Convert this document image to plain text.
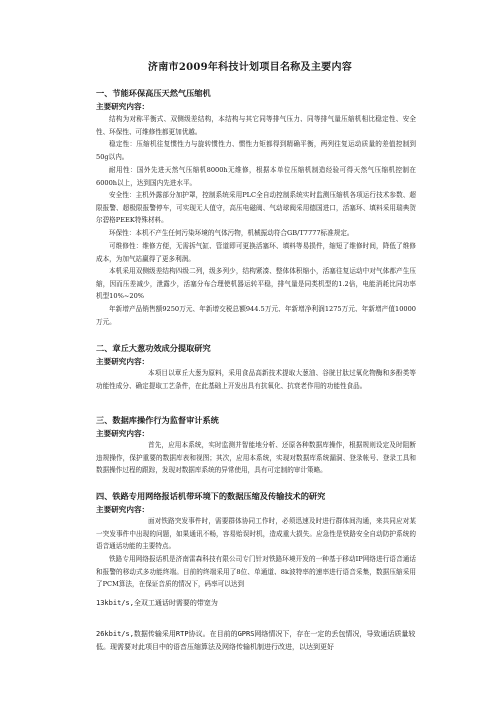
济南市2009年科技计划项目名称及主要内容
一、节能环保高压天然气压缩机
主要研究内容：

结构为对称平衡式、双侧级差结构，本结构与其它同等排气压力、同等排气量压缩机相比稳定性、安全性、环保性、可维修性都更加优越。

稳定性：压缩机往复惯性力与旋转惯性力、惯性力矩都得到精确平衡，两列往复运动质量的差值控制到50g以内。

耐用性：国外先进天然气压缩机8000h无维修，根据本单位压缩机制造经验可得天然气压缩机控制在6000h以上，达到国内先进水平。

安全性：主机外露部分加护罩，控制系统采用PLC全自动控制系统实时监测压缩机各项运行技术参数、超限报警、超极限报警停车，可实现无人值守，高压电磁阀、气动球阀采用德国进口，活塞环、填料采用瑞典贺尔碧格PEEK特殊材料。

环保性：本机不产生任何污染环境的气体污物，机械振动符合GB/T7777标准规定。

可维修性：维修方便，无需拆气缸、管道即可更换活塞环、填料等易损件，缩短了维修时间，降低了维修成本，为加气站赢得了更多利润。

本机采用双侧级差结构四级二列，级多列少，结构紧凑、整体体积缩小，活塞往复运动中对气体都产生压缩，因而压差减少，泄露少，活塞分布合理使机器运转平稳，排气量是同类机型的1.2倍，电能消耗比同功率机型10%~20%

年新增产品销售额9250万元、年新增交税总额944.5万元、年新增净利润1275万元、年新增产值10000万元。

二、章丘大葱功效成分提取研究
主要研究内容：

本项目以章丘大葱为原料，采用食品高新技术提取大葱油、谷胱甘肽过氧化物酶和多酚类等功能性成分、确定提取工艺条件，在此基础上开发出具有抗氧化、抗衰老作用的功能性食品。

三、数据库操作行为监督审计系统
主要研究内容：

首先，应用本系统，实时监测并智能地分析、还原各种数据库操作，根据规则设定及时阻断违规操作，保护重要的数据库表和视图；其次，应用本系统，实现对数据库系统漏洞、登录帐号、登录工具和数据操作过程的跟踪，发现对数据库系统的异常使用，具有可定制的审计策略。

四、铁路专用网络报话机带环境下的数据压缩及传输技术的研究
主要研究内容：

面对铁路突发事件时，需要群体协同工作时，必须迅速及时进行群体间沟通，来共同应对某一突发事件中出现的问题，如果通讯不畅，容易贻误时机，造成重大损失。应急性是铁路安全自动防护系统的语音通话功能的主要特点。

铁路专用网络报话机是济南雷森科技有限公司专门针对铁路环境开发的一种基于移动IP网络进行语音通话和报警的移动式多功能终端。目前的终端采用了8位、单通道、8k波特率的速率进行语音采集，数据压缩采用了PCM算法，在保证音质的情况下，码率可以达到

13kbit/s,全双工通话时需要的带宽为

26kbit/s,数据传输采用RTP协议。在目前的GPRS网络情况下，存在一定的丢包情况，导致通话质量较低。现需要对此项目中的语音压缩算法及网络传输机制进行改进，以达到更好
